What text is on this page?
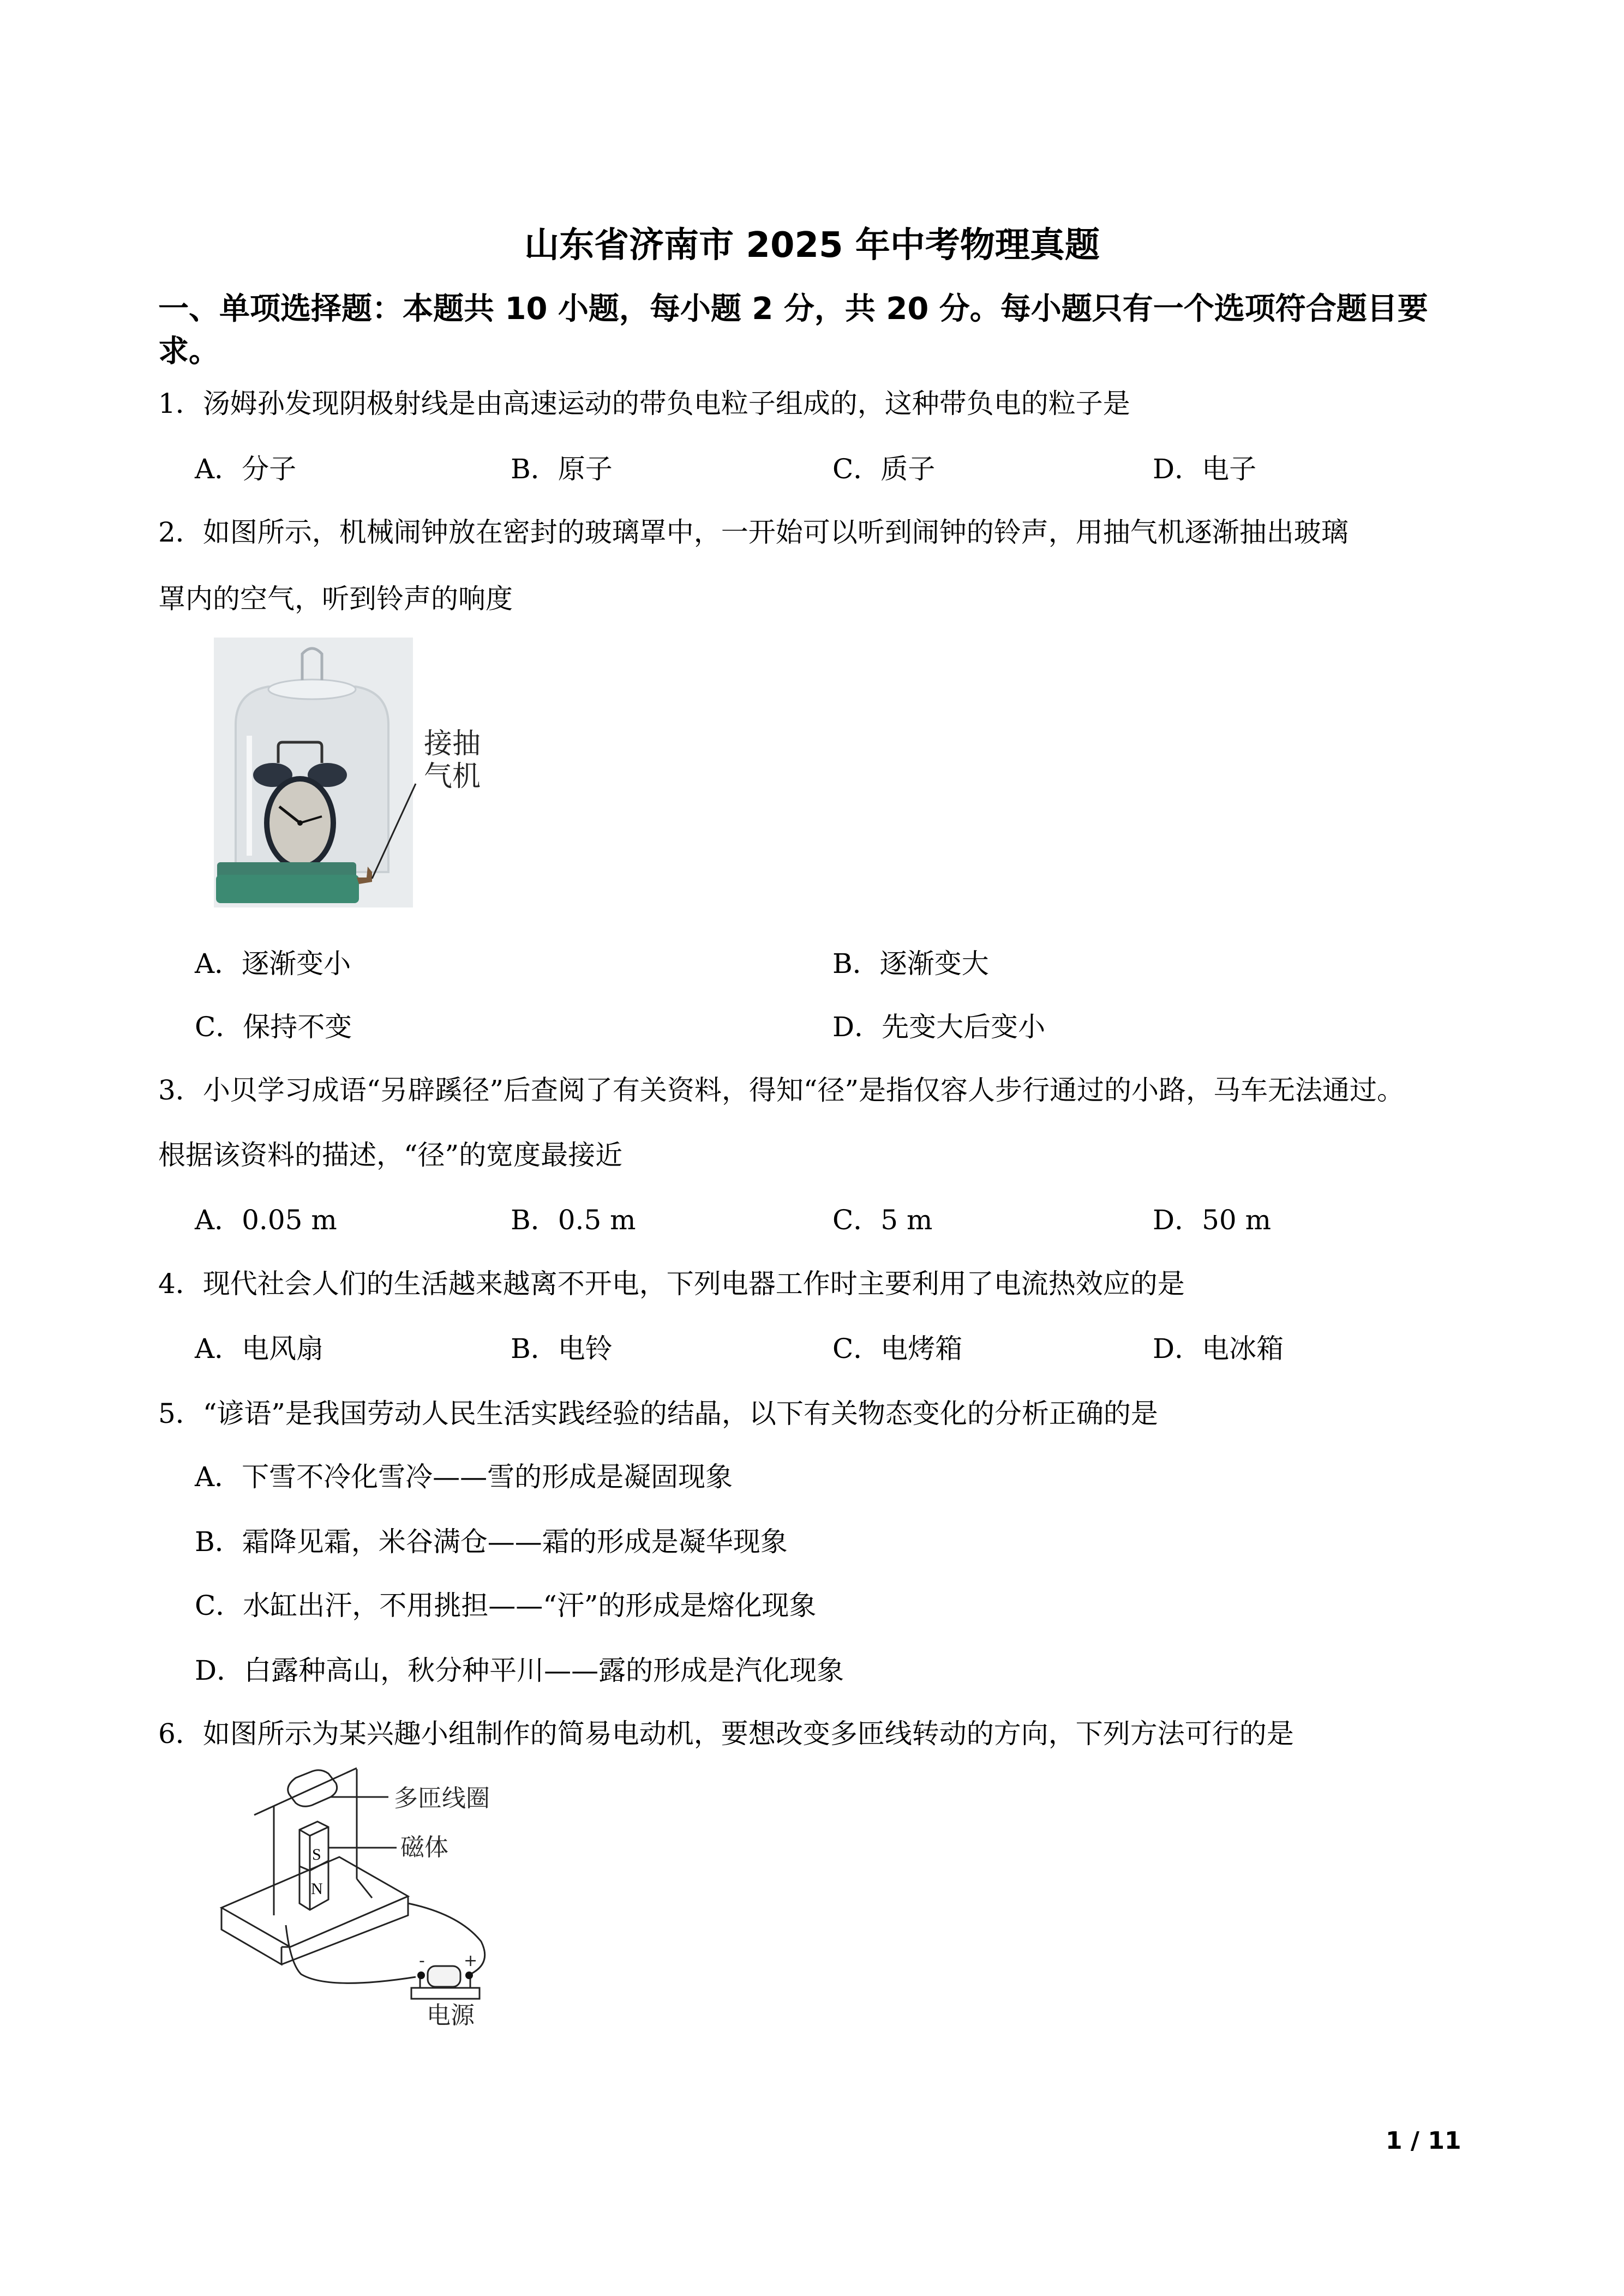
山东省济南市 2025 年中考物理真题
一、单项选择题：本题共 10 小题，每小题 2 分，共 20 分。每小题只有一个选项符合题目要
求。
1．汤姆孙发现阴极射线是由高速运动的带负电粒子组成的，这种带负电的粒子是
A．分子	B．原子	C．质子	D．电子
2．如图所示，机械闹钟放在密封的玻璃罩中，一开始可以听到闹钟的铃声，用抽气机逐渐抽出玻璃
罩内的空气，听到铃声的响度
接抽
气机
A．逐渐变小	B．逐渐变大
C．保持不变	D．先变大后变小
3．小贝学习成语“另辟蹊径”后查阅了有关资料，得知“径”是指仅容人步行通过的小路，马车无法通过。
根据该资料的描述，“径”的宽度最接近
A．0.05 m	B．0.5 m	C．5 m	D．50 m
4．现代社会人们的生活越来越离不开电，下列电器工作时主要利用了电流热效应的是
A．电风扇	B．电铃	C．电烤箱	D．电冰箱
5．“谚语”是我国劳动人民生活实践经验的结晶，以下有关物态变化的分析正确的是
A．下雪不冷化雪冷——雪的形成是凝固现象
B．霜降见霜，米谷满仓——霜的形成是凝华现象
C．水缸出汗，不用挑担——“汗”的形成是熔化现象
D．白露种高山，秋分种平川——露的形成是汽化现象
6．如图所示为某兴趣小组制作的简易电动机，要想改变多匝线转动的方向，下列方法可行的是
S
N
多匝线圈
磁体
- +
电源
1 / 11
